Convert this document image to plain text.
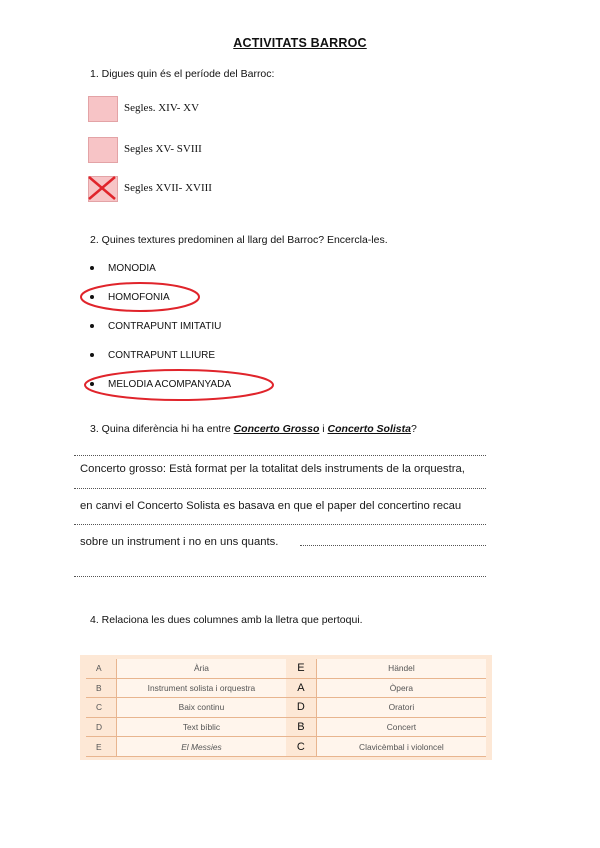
ACTIVITATS BARROC
1. Digues quin és el període del Barroc:
Segles. XIV- XV
Segles XV- SVIII
Segles XVII- XVIII
2. Quines textures predominen al llarg del Barroc? Encercla-les.
MONODIA
HOMOFONIA
CONTRAPUNT IMITATIU
CONTRAPUNT LLIURE
MELODIA ACOMPANYADA
3. Quina diferència hi ha entre Concerto Grosso i Concerto Solista?
Concerto grosso: Està format per la totalitat dels instruments de la orquestra,
en canvi el Concerto Solista es basava en que el paper del concertino recau
sobre un instrument i no en uns quants.
4. Relaciona les dues columnes amb la lletra que pertoqui.
A	Ària	E	Händel
B	Instrument solista i orquestra	A	Òpera
C	Baix continu	D	Oratori
D	Text bíblic	B	Concert
E	El Messies	C	Clavicèmbal i violoncel
